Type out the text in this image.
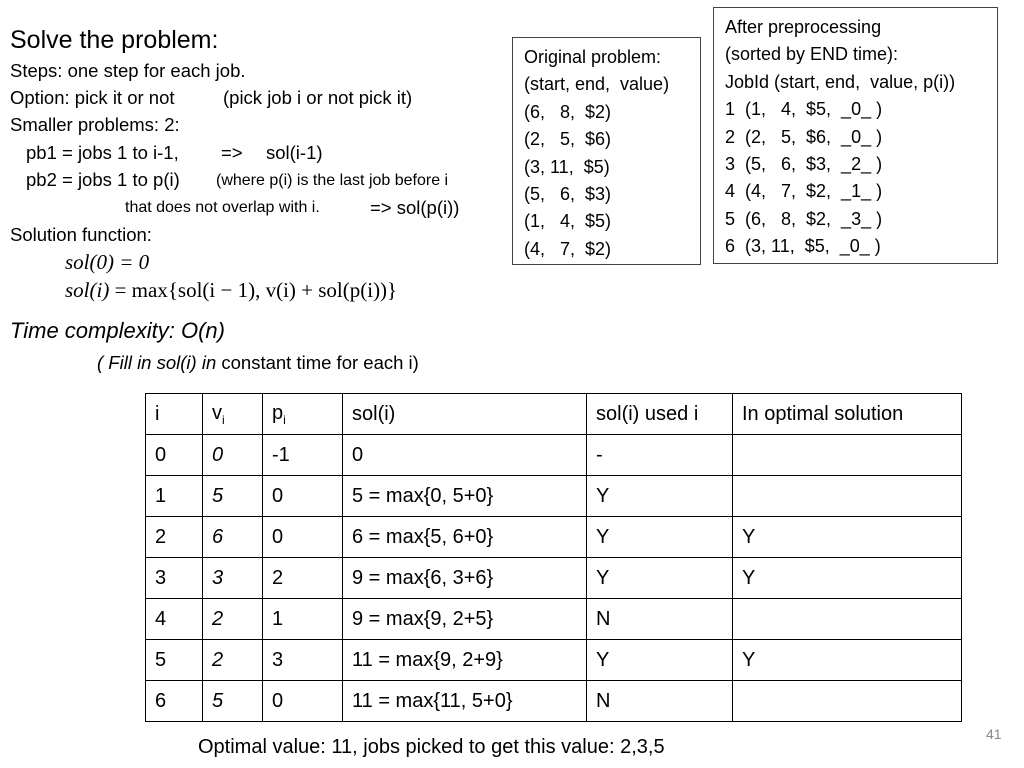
Solve the problem:
Steps: one step for each job.
Option: pick it or not	(pick job i or not pick it)
Smaller problems: 2:
pb1 = jobs 1 to i-1, => sol(i-1)
pb2 = jobs 1 to p(i) (where p(i) is the last job before i
that does not overlap with i.	=> sol(p(i))
Solution function:
sol(0) = 0
sol(i) = max{sol(i − 1), v(i) + sol(p(i))}
Time complexity: O(n)
( Fill in sol(i) in constant time for each i)
Original problem:
(start, end,  value)
(6,   8,  $2)
(2,   5,  $6)
(3, 11,  $5)
(5,   6,  $3)
(1,   4,  $5)
(4,   7,  $2)
After preprocessing
(sorted by END time):
JobId (start, end,  value, p(i))
1  (1,   4,  $5,  _0_ )
2  (2,   5,  $6,  _0_ )
3  (5,   6,  $3,  _2_ )
4  (4,   7,  $2,  _1_ )
5  (6,   8,  $2,  _3_ )
6  (3, 11,  $5,  _0_ )
i	$v_i$	$p_i$	sol(i)	sol(i) used i	In optimal solution
0	0	-1	0	-	
1	5	0	5 = max{0, 5+0}	Y	
2	6	0	6 = max{5, 6+0}	Y	Y
3	3	2	9 = max{6, 3+6}	Y	Y
4	2	1	9 = max{9, 2+5}	N	
5	2	3	11 = max{9, 2+9}	Y	Y
6	5	0	11 = max{11, 5+0}	N	
Optimal value: 11, jobs picked to get this value: 2,3,5
41
